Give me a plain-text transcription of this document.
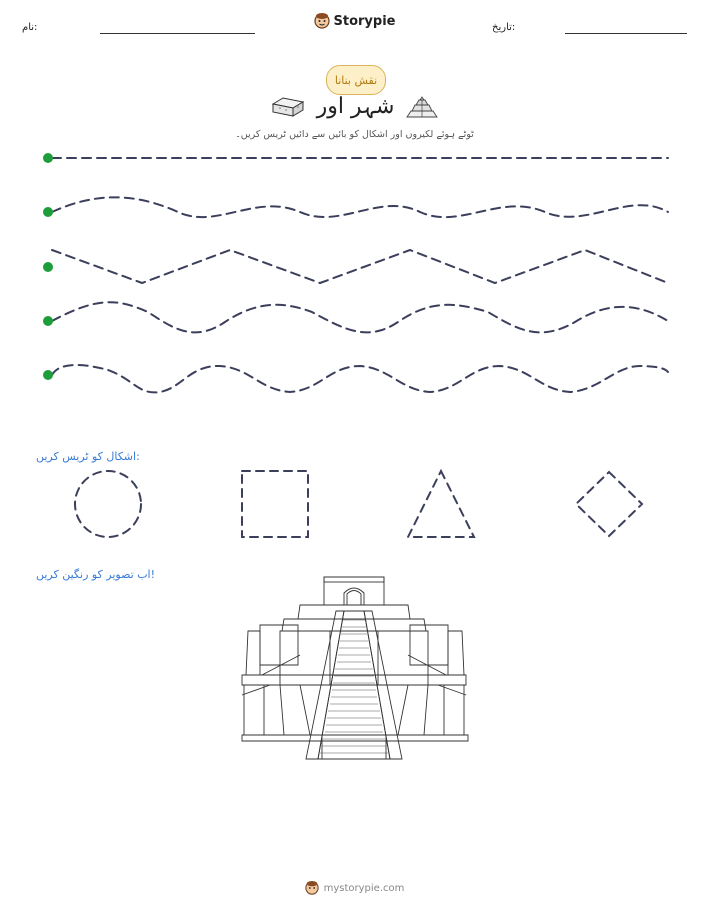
نام:	Storypie	تاریخ:
نقش بنانا
شہر اور
ٹوٹے ہوئے لکیروں اور اشکال کو بائیں سے دائیں ٹریس کریں۔
اشکال کو ٹریس کریں:
اب تصویر کو رنگین کریں!
mystorypie.com
